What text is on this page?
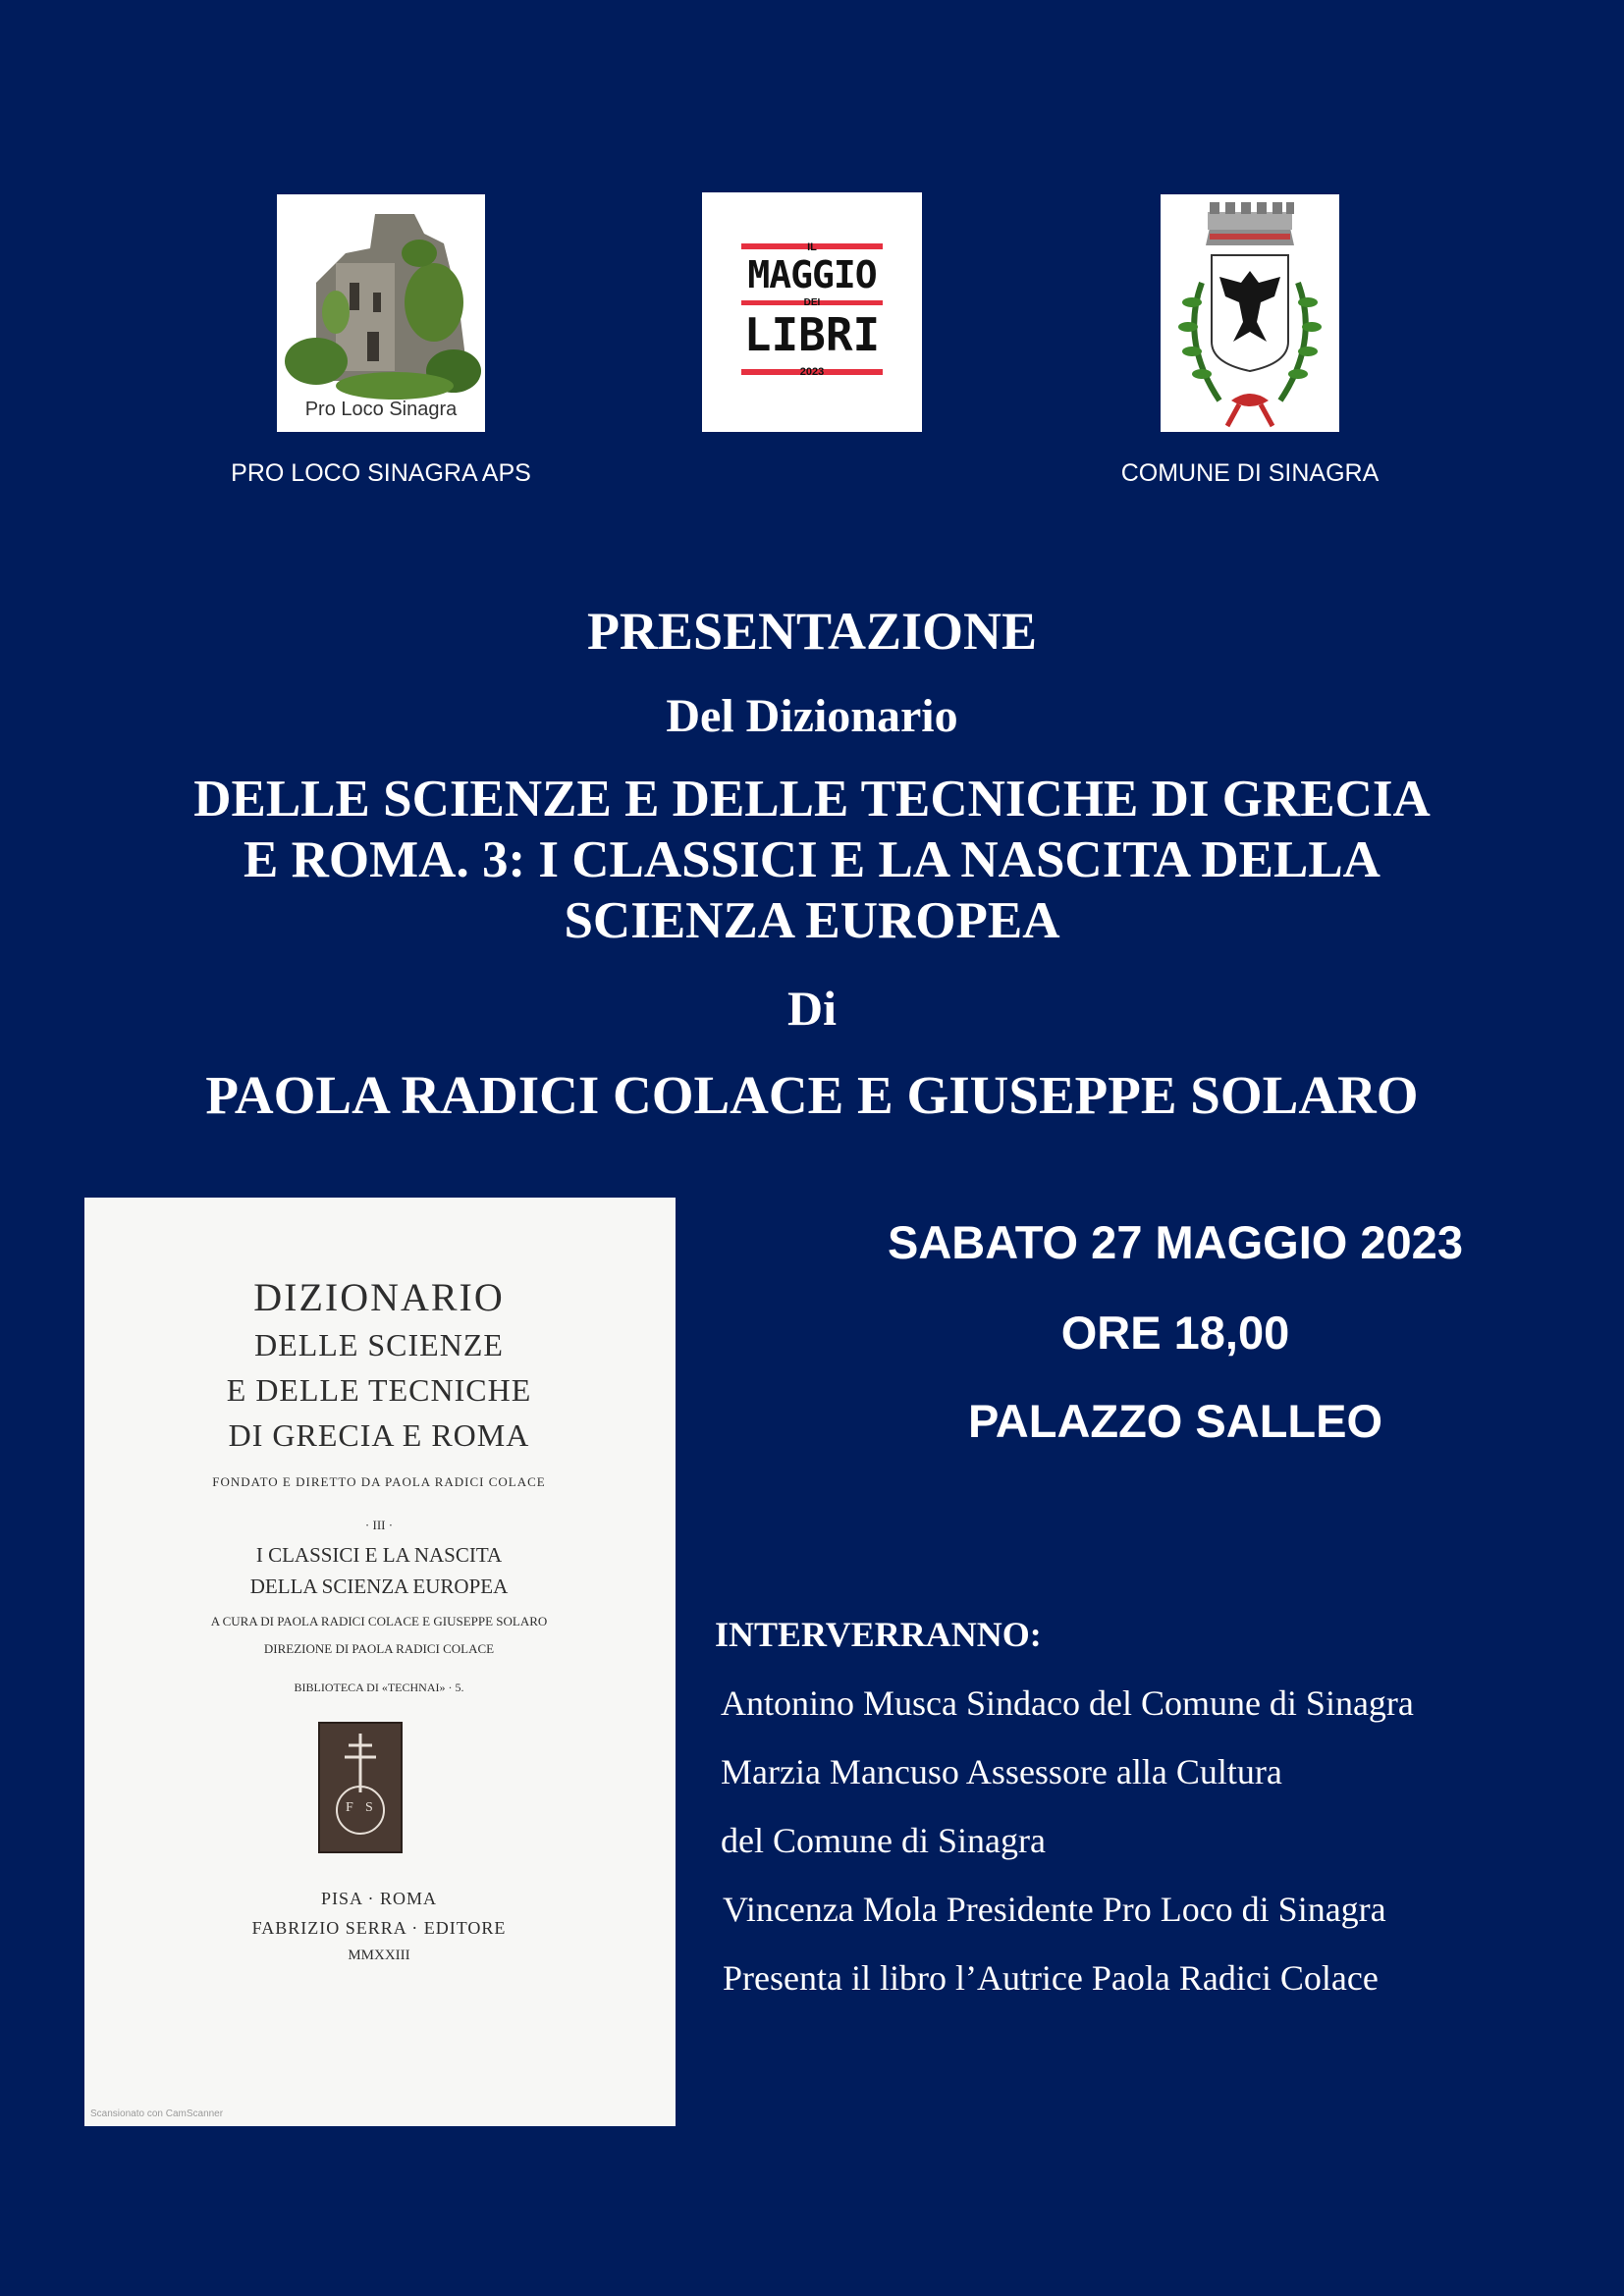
Pro Loco Sinagra
PRO LOCO SINAGRA APS
IL
MAGGIO
DEI
LIBRI
2023
COMUNE DI SINAGRA
PRESENTAZIONE
Del Dizionario
DELLE SCIENZE E DELLE TECNICHE DI GRECIA
E ROMA. 3: I CLASSICI E LA NASCITA DELLA
SCIENZA EUROPEA
Di
PAOLA RADICI COLACE E GIUSEPPE SOLARO
DIZIONARIO
DELLE SCIENZE
E DELLE TECNICHE
DI GRECIA E ROMA
FONDATO E DIRETTO DA PAOLA RADICI COLACE
· III ·
I CLASSICI E LA NASCITA
DELLA SCIENZA EUROPEA
A CURA DI PAOLA RADICI COLACE E GIUSEPPE SOLARO
DIREZIONE DI PAOLA RADICI COLACE
BIBLIOTECA DI «TECHNAI» · 5.
F S
PISA · ROMA
FABRIZIO SERRA · EDITORE
MMXXIII
Scansionato con CamScanner
SABATO 27 MAGGIO 2023
ORE 18,00
PALAZZO SALLEO
INTERVERRANNO:
Antonino Musca Sindaco del Comune di Sinagra
Marzia Mancuso Assessore alla Cultura
del Comune di Sinagra
Vincenza Mola Presidente Pro Loco di Sinagra
Presenta il libro l’Autrice Paola Radici Colace
